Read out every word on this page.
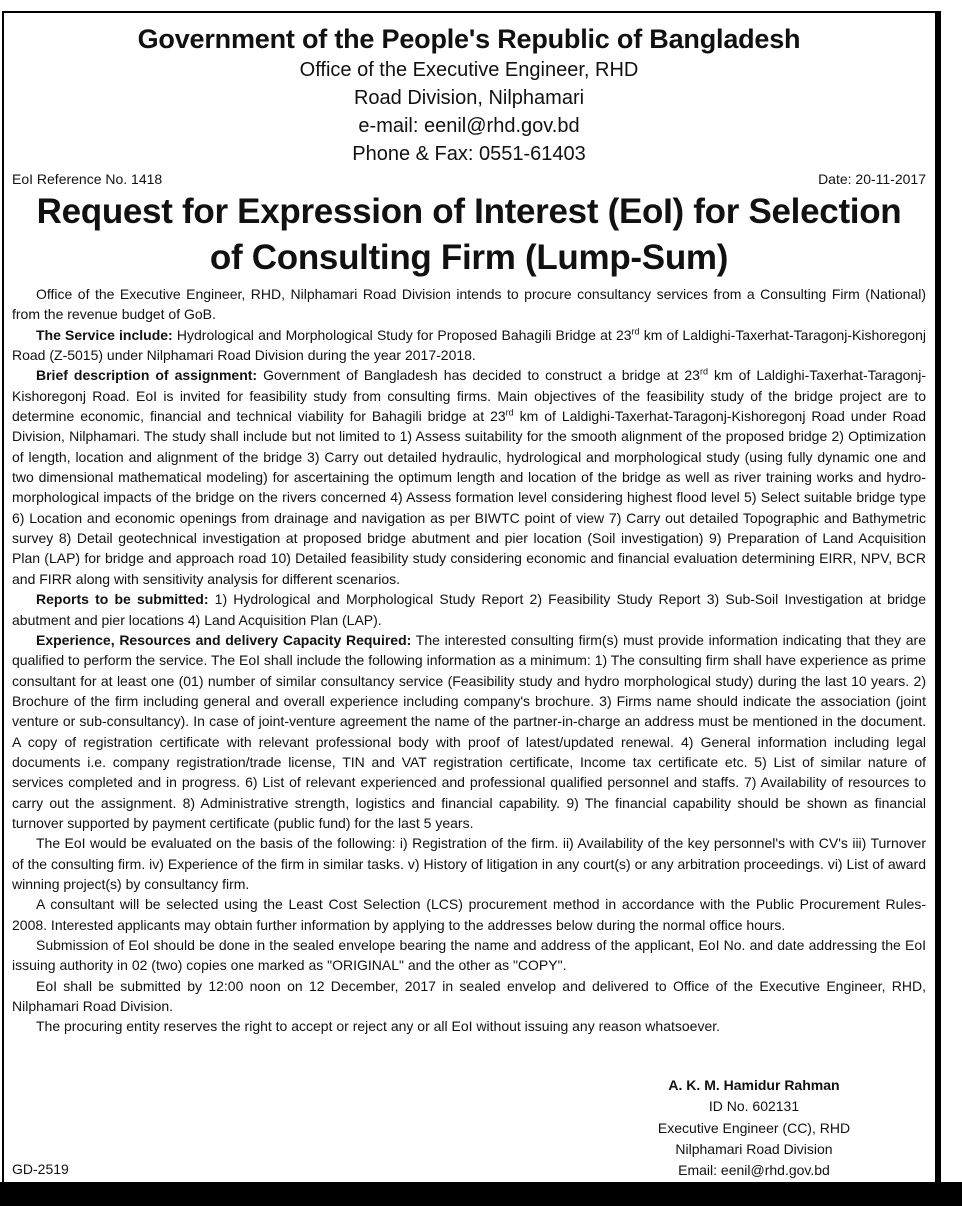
Government of the People's Republic of Bangladesh
Office of the Executive Engineer, RHD
Road Division, Nilphamari
e-mail: eenil@rhd.gov.bd
Phone & Fax: 0551-61403
EoI Reference No. 1418	Date: 20-11-2017
Request for Expression of Interest (EoI) for Selection
of Consulting Firm (Lump-Sum)

Office of the Executive Engineer, RHD, Nilphamari Road Division intends to procure consultancy services from a Consulting Firm (National) from the revenue budget of GoB.

The Service include: Hydrological and Morphological Study for Proposed Bahagili Bridge at 23rd km of Laldighi-Taxerhat-Taragonj-Kishoregonj Road (Z-5015) under Nilphamari Road Division during the year 2017-2018.

Brief description of assignment: Government of Bangladesh has decided to construct a bridge at 23rd km of Laldighi-Taxerhat-Taragonj-Kishoregonj Road. EoI is invited for feasibility study from consulting firms. Main objectives of the feasibility study of the bridge project are to determine economic, financial and technical viability for Bahagili bridge at 23rd km of Laldighi-Taxerhat-Taragonj-Kishoregonj Road under Road Division, Nilphamari. The study shall include but not limited to 1) Assess suitability for the smooth alignment of the proposed bridge 2) Optimization of length, location and alignment of the bridge 3) Carry out detailed hydraulic, hydrological and morphological study (using fully dynamic one and two dimensional mathematical modeling) for ascertaining the optimum length and location of the bridge as well as river training works and hydro-morphological impacts of the bridge on the rivers concerned 4) Assess formation level considering highest flood level 5) Select suitable bridge type 6) Location and economic openings from drainage and navigation as per BIWTC point of view 7) Carry out detailed Topographic and Bathymetric survey 8) Detail geotechnical investigation at proposed bridge abutment and pier location (Soil investigation) 9) Preparation of Land Acquisition Plan (LAP) for bridge and approach road 10) Detailed feasibility study considering economic and financial evaluation determining EIRR, NPV, BCR and FIRR along with sensitivity analysis for different scenarios.

Reports to be submitted: 1) Hydrological and Morphological Study Report 2) Feasibility Study Report 3) Sub-Soil Investigation at bridge abutment and pier locations 4) Land Acquisition Plan (LAP).

Experience, Resources and delivery Capacity Required: The interested consulting firm(s) must provide information indicating that they are qualified to perform the service. The EoI shall include the following information as a minimum: 1) The consulting firm shall have experience as prime consultant for at least one (01) number of similar consultancy service (Feasibility study and hydro morphological study) during the last 10 years. 2) Brochure of the firm including general and overall experience including company's brochure. 3) Firms name should indicate the association (joint venture or sub-consultancy). In case of joint-venture agreement the name of the partner-in-charge an address must be mentioned in the document. A copy of registration certificate with relevant professional body with proof of latest/updated renewal. 4) General information including legal documents i.e. company registration/trade license, TIN and VAT registration certificate, Income tax certificate etc. 5) List of similar nature of services completed and in progress. 6) List of relevant experienced and professional qualified personnel and staffs. 7) Availability of resources to carry out the assignment. 8) Administrative strength, logistics and financial capability. 9) The financial capability should be shown as financial turnover supported by payment certificate (public fund) for the last 5 years.

The EoI would be evaluated on the basis of the following: i) Registration of the firm. ii) Availability of the key personnel's with CV's iii) Turnover of the consulting firm. iv) Experience of the firm in similar tasks. v) History of litigation in any court(s) or any arbitration proceedings. vi) List of award winning project(s) by consultancy firm.

A consultant will be selected using the Least Cost Selection (LCS) procurement method in accordance with the Public Procurement Rules-2008. Interested applicants may obtain further information by applying to the addresses below during the normal office hours.

Submission of EoI should be done in the sealed envelope bearing the name and address of the applicant, EoI No. and date addressing the EoI issuing authority in 02 (two) copies one marked as "ORIGINAL" and the other as "COPY".

EoI shall be submitted by 12:00 noon on 12 December, 2017 in sealed envelop and delivered to Office of the Executive Engineer, RHD, Nilphamari Road Division.

The procuring entity reserves the right to accept or reject any or all EoI without issuing any reason whatsoever.

A. K. M. Hamidur Rahman
ID No. 602131
Executive Engineer (CC), RHD
Nilphamari Road Division
Email: eenil@rhd.gov.bd
GD-2519
